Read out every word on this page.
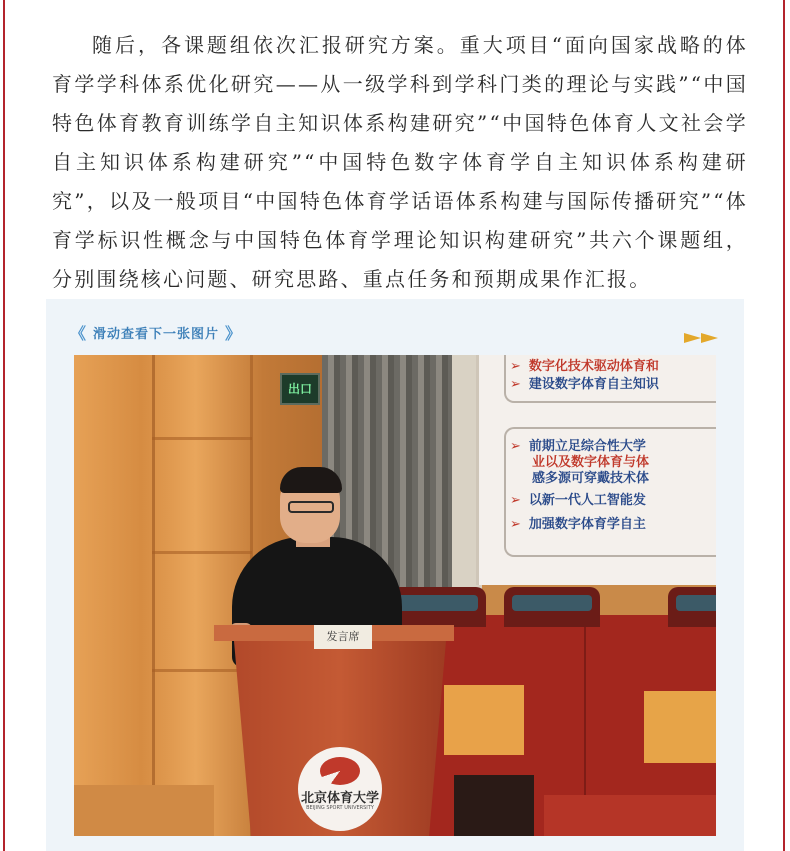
随后，各课题组依次汇报研究方案。重大项目“面向国家战略的体育学学科体系优化研究——从一级学科到学科门类的理论与实践”“中国特色体育教育训练学自主知识体系构建研究”“中国特色体育人文社会学自主知识体系构建研究”“中国特色数字体育学自主知识体系构建研究”，以及一般项目“中国特色体育学话语体系构建与国际传播研究”“体育学标识性概念与中国特色体育学理论知识构建研究”共六个课题组，分别围绕核心问题、研究思路、重点任务和预期成果作汇报。

《 滑动查看下一张图片 》
出口
➢ 数字化技术驱动体育和
➢ 建设数字体育自主知识
➢ 前期立足综合性大学
业以及数字体育与体
感多源可穿戴技术体
➢ 以新一代人工智能发
➢ 加强数字体育学自主
发言席
北京体育大学
BEIJING SPORT UNIVERSITY
